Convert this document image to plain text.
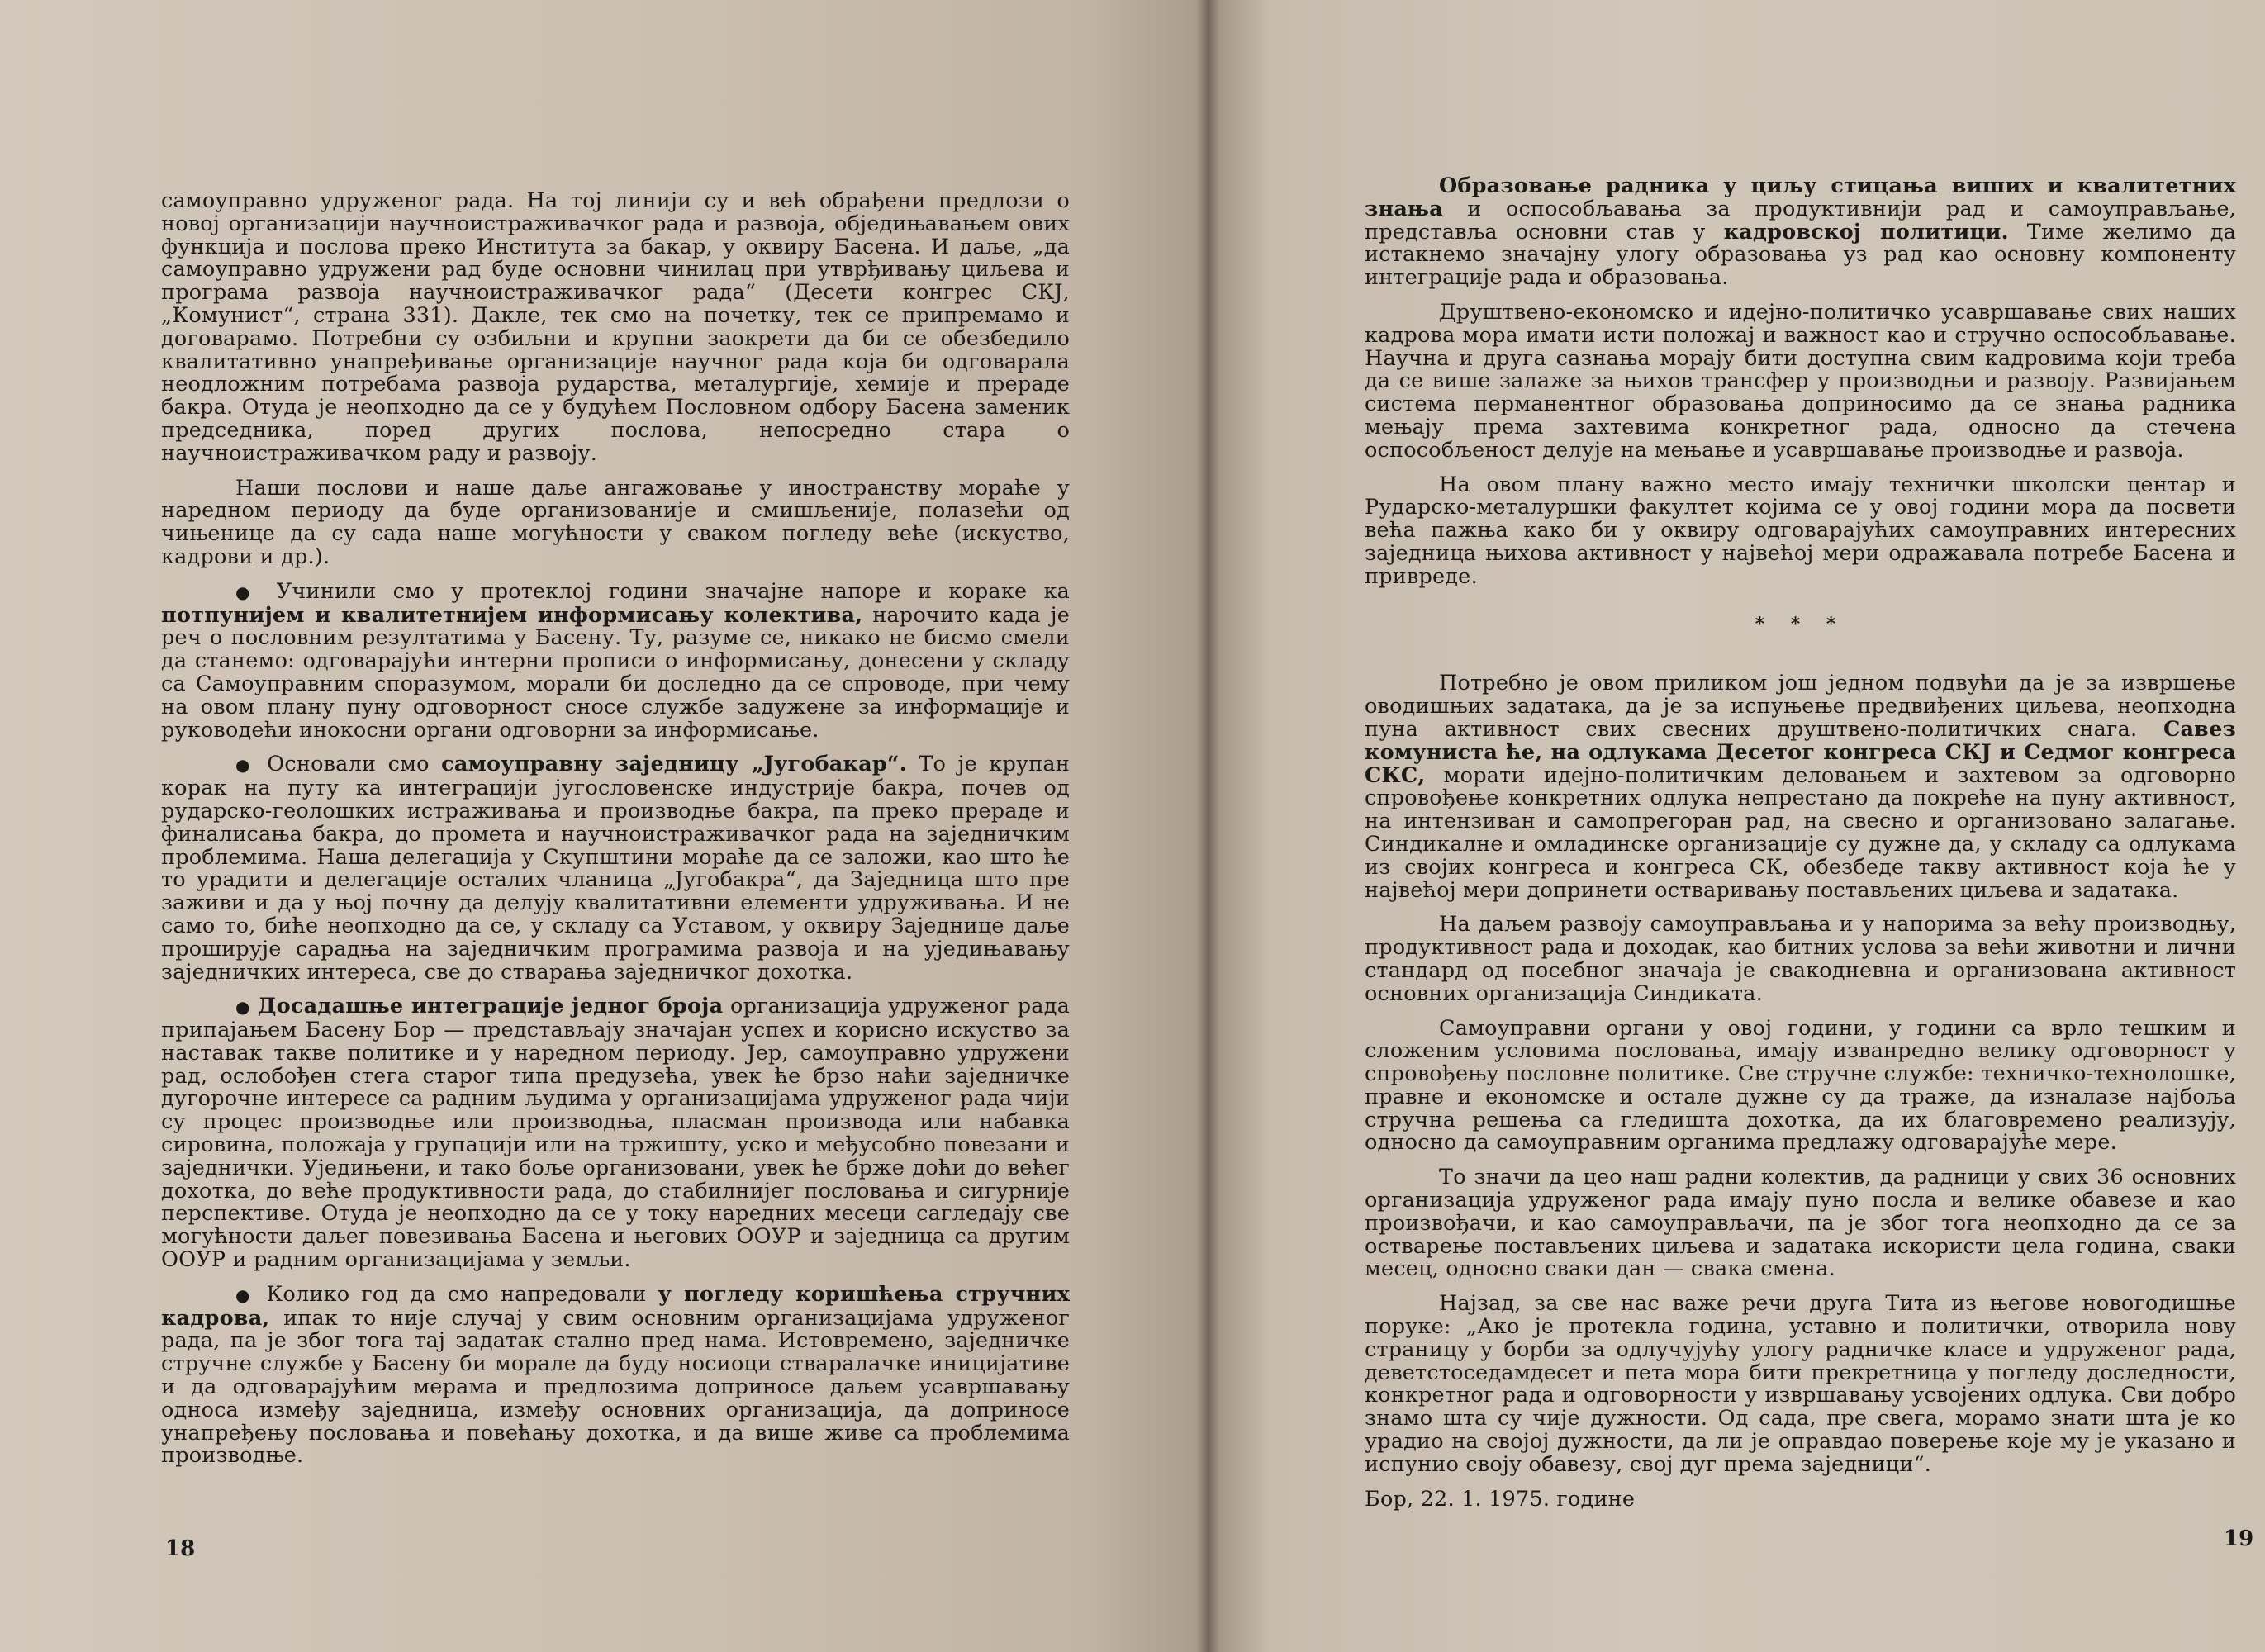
самоуправно удруженог рада. На тој линији су и већ обрађени предлози о новој организацији научноистраживачког рада и развоја, обједињавањем ових функција и послова преко Института за бакар, у оквиру Басена. И даље, „да самоуправно удружени рад буде основни чинилац при утврђивању циљева и програма развоја научноистраживачког рада“ (Десети конгрес СКЈ, „Комунист“, страна 331). Дакле, тек смо на почетку, тек се припремамо и договарамо. Потребни су озбиљни и крупни заокрети да би се обезбедило квалитативно унапређивање организације научног рада која би одговарала неодложним потребама развоја рударства, металургије, хемије и прераде бакра. Отуда је неопходно да се у будућем Пословном одбору Басена заменик председника, поред других послова, непосредно стара о научноистраживачком раду и развоју.

Наши послови и наше даље ангажовање у иностранству мораће у наредном периоду да буде организованије и смишљеније, полазећи од чињенице да су сада наше могућности у сваком погледу веће (искуство, кадрови и др.).

● Учинили смо у протеклој години значајне напоре и кораке ка потпунијем и квалитетнијем информисању колектива, нарочито када је реч о пословним резултатима у Басену. Ту, разуме се, никако не бисмо смели да станемо: одговарајући интерни прописи о информисању, донесени у складу са Самоуправним споразумом, морали би доследно да се спроводе, при чему на овом плану пуну одговорност сносе службе задужене за информације и руководећи инокосни органи одговорни за информисање.

● Основали смо самоуправну заједницу „Југобакар“. То је крупан корак на путу ка интеграцији југословенске индустрије бакра, почев од рударско-геолошких истраживања и производње бакра, па преко прераде и финалисања бакра, до промета и научноистраживачког рада на заједничким проблемима. Наша делегација у Скупштини мораће да се заложи, као што ће то урадити и делегације осталих чланица „Југобакра“, да Заједница што пре заживи и да у њој почну да делују квалитативни елементи удруживања. И не само то, биће неопходно да се, у складу са Уставом, у оквиру Заједнице даље проширује сарадња на заједничким програмима развоја и на уједињавању заједничких интереса, све до стварања заједничког дохотка.

● Досадашње интеграције једног броја организација удруженог рада припајањем Басену Бор — представљају значајан успех и корисно искуство за наставак такве политике и у наредном периоду. Јер, самоуправно удружени рад, ослобођен стега старог типа предузећа, увек ће брзо наћи заједничке дугорочне интересе са радним људима у организацијама удруженог рада чији су процес производње или производња, пласман производа или набавка сировина, положаја у групацији или на тржишту, уско и међусобно повезани и заједнички. Уједињени, и тако боље организовани, увек ће брже доћи до већег дохотка, до веће продуктивности рада, до стабилнијег пословања и сигурније перспективе. Отуда је неопходно да се у току наредних месеци сагледају све могућности даљег повезивања Басена и његових ООУР и заједница са другим ООУР и радним организацијама у земљи.

● Колико год да смо напредовали у погледу коришћења стручних кадрова, ипак то није случај у свим основним организацијама удруженог рада, па је због тога тај задатак стално пред нама. Истовремено, заједничке стручне службе у Басену би морале да буду носиоци стваралачке иницијативе и да одговарајућим мерама и предлозима доприносе даљем усавршавању односа између заједница, између основних организација, да доприносе унапређењу пословања и повећању дохотка, и да више живе са проблемима производње.

18

Образовање радника у циљу стицања виших и квалитетних знања и оспособљавања за продуктивнији рад и самоуправљање, представља основни став у кадровској политици. Тиме желимо да истакнемо значајну улогу образовања уз рад као основну компоненту интеграције рада и образовања.

Друштвено-економско и идејно-политичко усавршавање свих наших кадрова мора имати исти положај и важност као и стручно оспособљавање. Научна и друга сазнања морају бити доступна свим кадровима који треба да се више залаже за њихов трансфер у производњи и развоју. Развијањем система перманентног образовања доприносимо да се знања радника мењају према захтевима конкретног рада, односно да стечена оспособљеност делује на мењање и усавршавање производње и развоја.

На овом плану важно место имају технички школски центар и Рударско-металуршки факултет којима се у овој години мора да посвети већа пажња како би у оквиру одговарајућих самоуправних интересних заједница њихова активност у највећој мери одражавала потребе Басена и привреде.

* * *

Потребно је овом приликом још једном подвући да је за извршење оводишњих задатака, да је за испуњење предвиђених циљева, неопходна пуна активност свих свесних друштвено-политичких снага. Савез комуниста ће, на одлукама Десетог конгреса СКЈ и Седмог конгреса СКС, морати идејно-политичким деловањем и захтевом за одговорно спровођење конкретних одлука непрестано да покреће на пуну активност, на интензиван и самопрегоран рад, на свесно и организовано залагање. Синдикалне и омладинске организације су дужне да, у складу са одлукама из својих конгреса и конгреса СК, обезбеде такву активност која ће у највећој мери допринети остваривању постављених циљева и задатака.

На даљем развоју самоуправљања и у напорима за већу производњу, продуктивност рада и доходак, као битних услова за већи животни и лични стандард од посебног значаја је свакодневна и организована активност основних организација Синдиката.

Самоуправни органи у овој години, у години са врло тешким и сложеним условима пословања, имају изванредно велику одговорност у спровођењу пословне политике. Све стручне службе: техничко-технолошке, правне и економске и остале дужне су да траже, да изналазе најбоља стручна решења са гледишта дохотка, да их благовремено реализују, односно да самоуправним органима предлажу одговарајуће мере.

То значи да цео наш радни колектив, да радници у свих 36 основних организација удруженог рада имају пуно посла и велике обавезе и као произвођачи, и као самоуправљачи, па је због тога неопходно да се за остварење постављених циљева и задатака искористи цела година, сваки месец, односно сваки дан — свака смена.

Најзад, за све нас важе речи друга Тита из његове новогодишње поруке: „Ако је протекла година, уставно и политички, отворила нову страницу у борби за одлучујућу улогу радничке класе и удруженог рада, деветстоседамдесет и пета мора бити прекретница у погледу доследности, конкретног рада и одговорности у извршавању усвојених одлука. Сви добро знамо шта су чије дужности. Од сада, пре свега, морамо знати шта је ко урадио на својој дужности, да ли је оправдао поверење које му је указано и испунио своју обавезу, свој дуг према заједници“.

Бор, 22. 1. 1975. године

19
